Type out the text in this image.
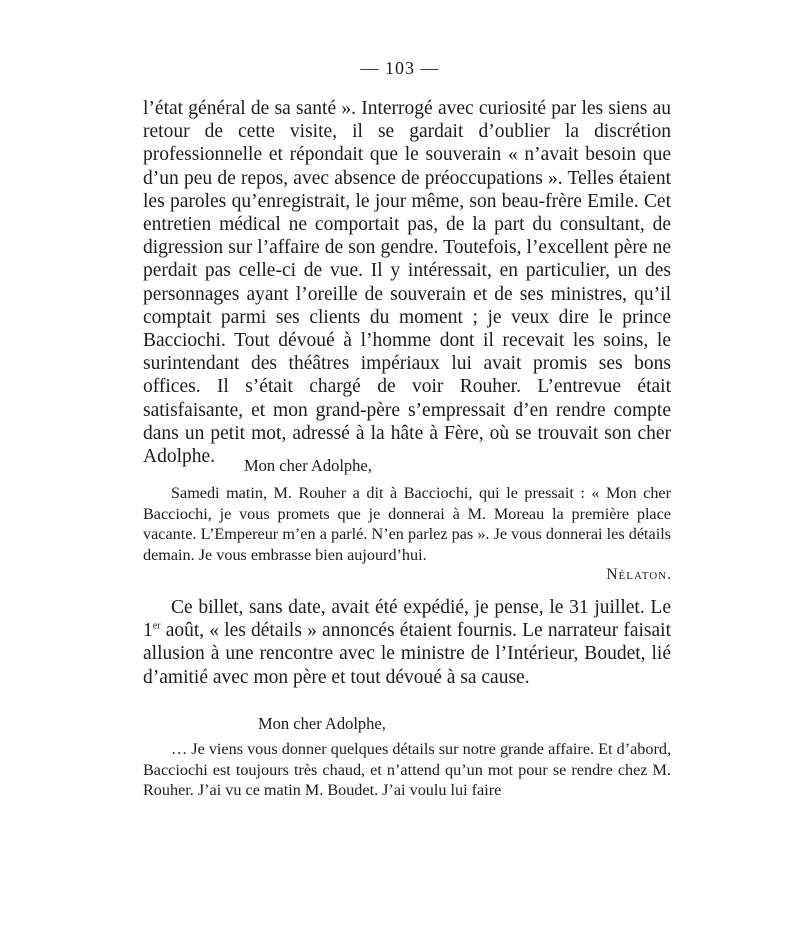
— 103 —

l’état général de sa santé ». Interrogé avec curiosité par les siens au retour de cette visite, il se gardait d’oublier la discrétion professionnelle et répondait que le souverain « n’avait besoin que d’un peu de repos, avec absence de préoccupations ». Telles étaient les paroles qu’enregistrait, le jour même, son beau-frère Emile. Cet entretien médical ne comportait pas, de la part du consultant, de digression sur l’affaire de son gendre. Toutefois, l’excellent père ne perdait pas celle-ci de vue. Il y intéressait, en particulier, un des personnages ayant l’oreille de souverain et de ses ministres, qu’il comptait parmi ses clients du moment ; je veux dire le prince Bacciochi. Tout dévoué à l’homme dont il recevait les soins, le surintendant des théâtres impériaux lui avait promis ses bons offices. Il s’était chargé de voir Rouher. L’entrevue était satisfaisante, et mon grand-père s’empressait d’en rendre compte dans un petit mot, adressé à la hâte à Fère, où se trouvait son cher Adolphe.	Mon cher Adolphe,

Samedi matin, M. Rouher a dit à Bacciochi, qui le pressait : « Mon cher Bacciochi, je vous promets que je donnerai à M. Moreau la première place vacante. L’Empereur m’en a parlé. N’en parlez pas ». Je vous donnerai les détails demain. Je vous embrasse bien aujourd’hui.

Nélaton.

Ce billet, sans date, avait été expédié, je pense, le 31 juillet. Le 1er août, « les détails » annoncés étaient fournis. Le narrateur faisait allusion à une rencontre avec le ministre de l’Intérieur, Boudet, lié d’amitié avec mon père et tout dévoué à sa cause.

Mon cher Adolphe,

… Je viens vous donner quelques détails sur notre grande affaire. Et d’abord, Bacciochi est toujours très chaud, et n’attend qu’un mot pour se rendre chez M. Rouher. J’ai vu ce matin M. Boudet. J’ai voulu lui faire
